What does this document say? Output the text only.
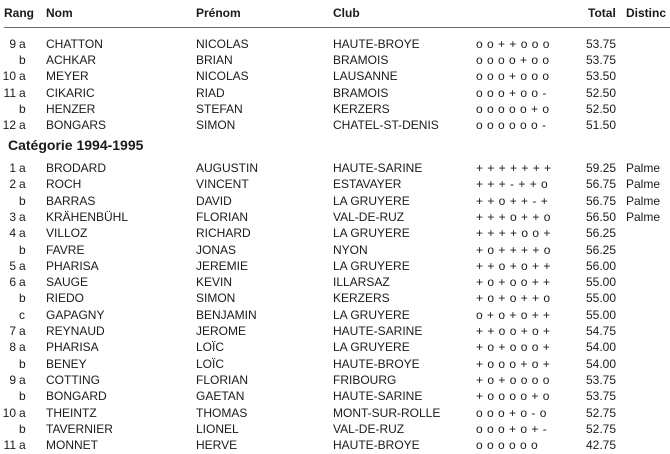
Rang Nom	Prénom	Club	Total Distinc
9 a CHATTON	NICOLAS	HAUTE-BROYE	o o + + o o o	53.75
b ACHKAR	BRIAN	BRAMOIS	o o o o + o o	53.75
10 a MEYER	NICOLAS	LAUSANNE	o o o + o o o	53.50
11 a CIKARIC	RIAD	BRAMOIS	o o o + o o -	52.50
b HENZER	STEFAN	KERZERS	o o o o o + o	52.50
12 a BONGARS	SIMON	CHATEL-ST-DENIS	o o o o o o -	51.50
Catégorie 1994-1995
1 a BRODARD	AUGUSTIN	HAUTE-SARINE	+ + + + + + +	59.25 Palme
2 a ROCH	VINCENT	ESTAVAYER	+ + + - + + o	56.75 Palme
b BARRAS	DAVID	LA GRUYERE	+ + o + + - +	56.75 Palme
3 a KRÄHENBÜHL	FLORIAN	VAL-DE-RUZ	+ + + o + + o	56.50 Palme
4 a VILLOZ	RICHARD	LA GRUYERE	+ + + + o o +	56.25
b FAVRE	JONAS	NYON	+ o + + + + o	56.25
5 a PHARISA	JEREMIE	LA GRUYERE	+ + o + o + +	56.00
6 a SAUGE	KEVIN	ILLARSAZ	+ o + o o + +	55.00
b RIEDO	SIMON	KERZERS	+ o + o + + o	55.00
c GAPAGNY	BENJAMIN	LA GRUYERE	o + o + o + +	55.00
7 a REYNAUD	JEROME	HAUTE-SARINE	+ + o o + o +	54.75
8 a PHARISA	LOÏC	LA GRUYERE	+ o + o o o +	54.00
b BENEY	LOÏC	HAUTE-BROYE	+ o o o + o +	54.00
9 a COTTING	FLORIAN	FRIBOURG	+ o + o o o o	53.75
b BONGARD	GAETAN	HAUTE-SARINE	+ o o o o + o	53.75
10 a THEINTZ	THOMAS	MONT-SUR-ROLLE	o o o + o - o	52.75
b TAVERNIER	LIONEL	VAL-DE-RUZ	o o o + o + -	52.75
11 a MONNET	HERVE	HAUTE-BROYE	o o o o o o	42.75
